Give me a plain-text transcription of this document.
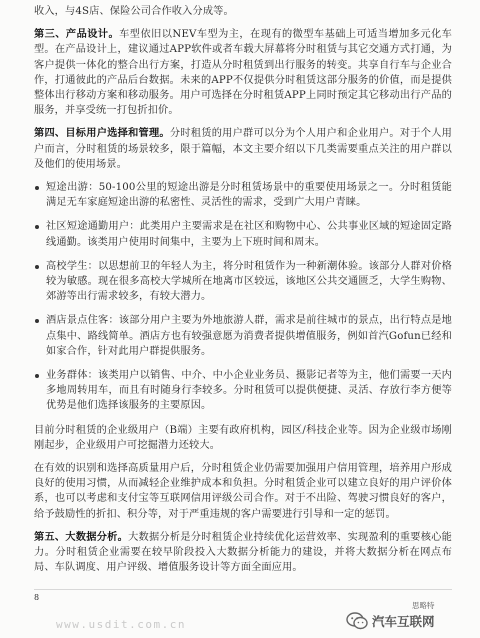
收入，与4S店、保险公司合作收入分成等。

第三、产品设计。车型依旧以NEV车型为主，在现有的微型车基础上可适当增加多元化车型。在产品设计上，建议通过APP软件或者车载大屏幕将分时租赁与其它交通方式打通，为客户提供一体化的整合出行方案，打造从分时租赁到出行服务的转变。共享自行车与企业合作，打通彼此的产品后台数据。未来的APP不仅提供分时租赁这部分服务的价值，而是提供整体出行移动方案和移动服务。用户可选择在分时租赁APP上同时预定其它移动出行产品的服务，并享受统一打包折扣价。

第四、目标用户选择和管理。分时租赁的用户群可以分为个人用户和企业用户。对于个人用户而言，分时租赁的场景较多，限于篇幅，本文主要介绍以下几类需要重点关注的用户群以及他们的使用场景。

短途出游：50-100公里的短途出游是分时租赁场景中的重要使用场景之一。分时租赁能满足无车家庭短途出游的私密性、灵活性的需求，受到广大用户青睐。

社区短途通勤用户：此类用户主要需求是在社区和购物中心、公共事业区域的短途固定路线通勤。该类用户使用时间集中，主要为上下班时间和周末。

高校学生：以思想前卫的年轻人为主，将分时租赁作为一种新潮体验。该部分人群对价格较为敏感。现在很多高校大学城所在地离市区较远，该地区公共交通匮乏，大学生购物、郊游等出行需求较多，有较大潜力。

酒店景点住客：该部分用户主要为外地旅游人群，需求是前往城市的景点，出行特点是地点集中、路线简单。酒店方也有较强意愿为消费者提供增值服务，例如首汽Gofun已经和如家合作，针对此用户群提供服务。

业务群体：该类用户以销售、中介、中小企业业务员、摄影记者等为主，他们需要一天内多地周转用车，而且有时随身行李较多。分时租赁可以提供便捷、灵活、存放行李方便等优势是他们选择该服务的主要原因。

目前分时租赁的企业级用户（B端）主要有政府机构，园区/科技企业等。因为企业级市场刚刚起步，企业级用户可挖掘潜力还较大。

在有效的识别和选择高质量用户后，分时租赁企业仍需要加强用户信用管理，培养用户形成良好的使用习惯，从而减轻企业维护成本和负担。分时租赁企业可以建立良好的用户评价体系，也可以考虑和支付宝等互联网信用评级公司合作。对于不出险、驾驶习惯良好的客户，给予鼓励性的折扣、积分等，对于严重违规的客户需要进行引导和一定的惩罚。

第五、大数据分析。大数据分析是分时租赁企业持续优化运营效率、实现盈利的重要核心能力。分时租赁企业需要在较早阶段投入大数据分析能力的建设，并将大数据分析在网点布局、车队调度、用户评级、增值服务设计等方面全面应用。

8
思略特
www.usdit.com.cn	汽车互联网
